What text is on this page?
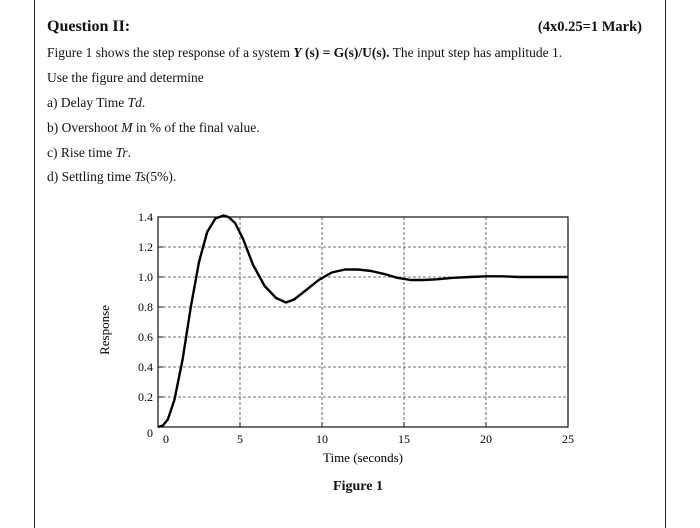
Question II:	(4x0.25=1 Mark)
Figure 1 shows the step response of a system Y (s) = G(s)/U(s). The input step has amplitude 1.
Use the figure and determine
a) Delay Time Td.
b) Overshoot M in % of the final value.
c) Rise time Tr.
d) Settling time Ts(5%).
0	5	10	15	20	25
0
0.2
0.4
0.6
0.8
1.0
1.2
1.4
Time (seconds)
Response
Figure 1
